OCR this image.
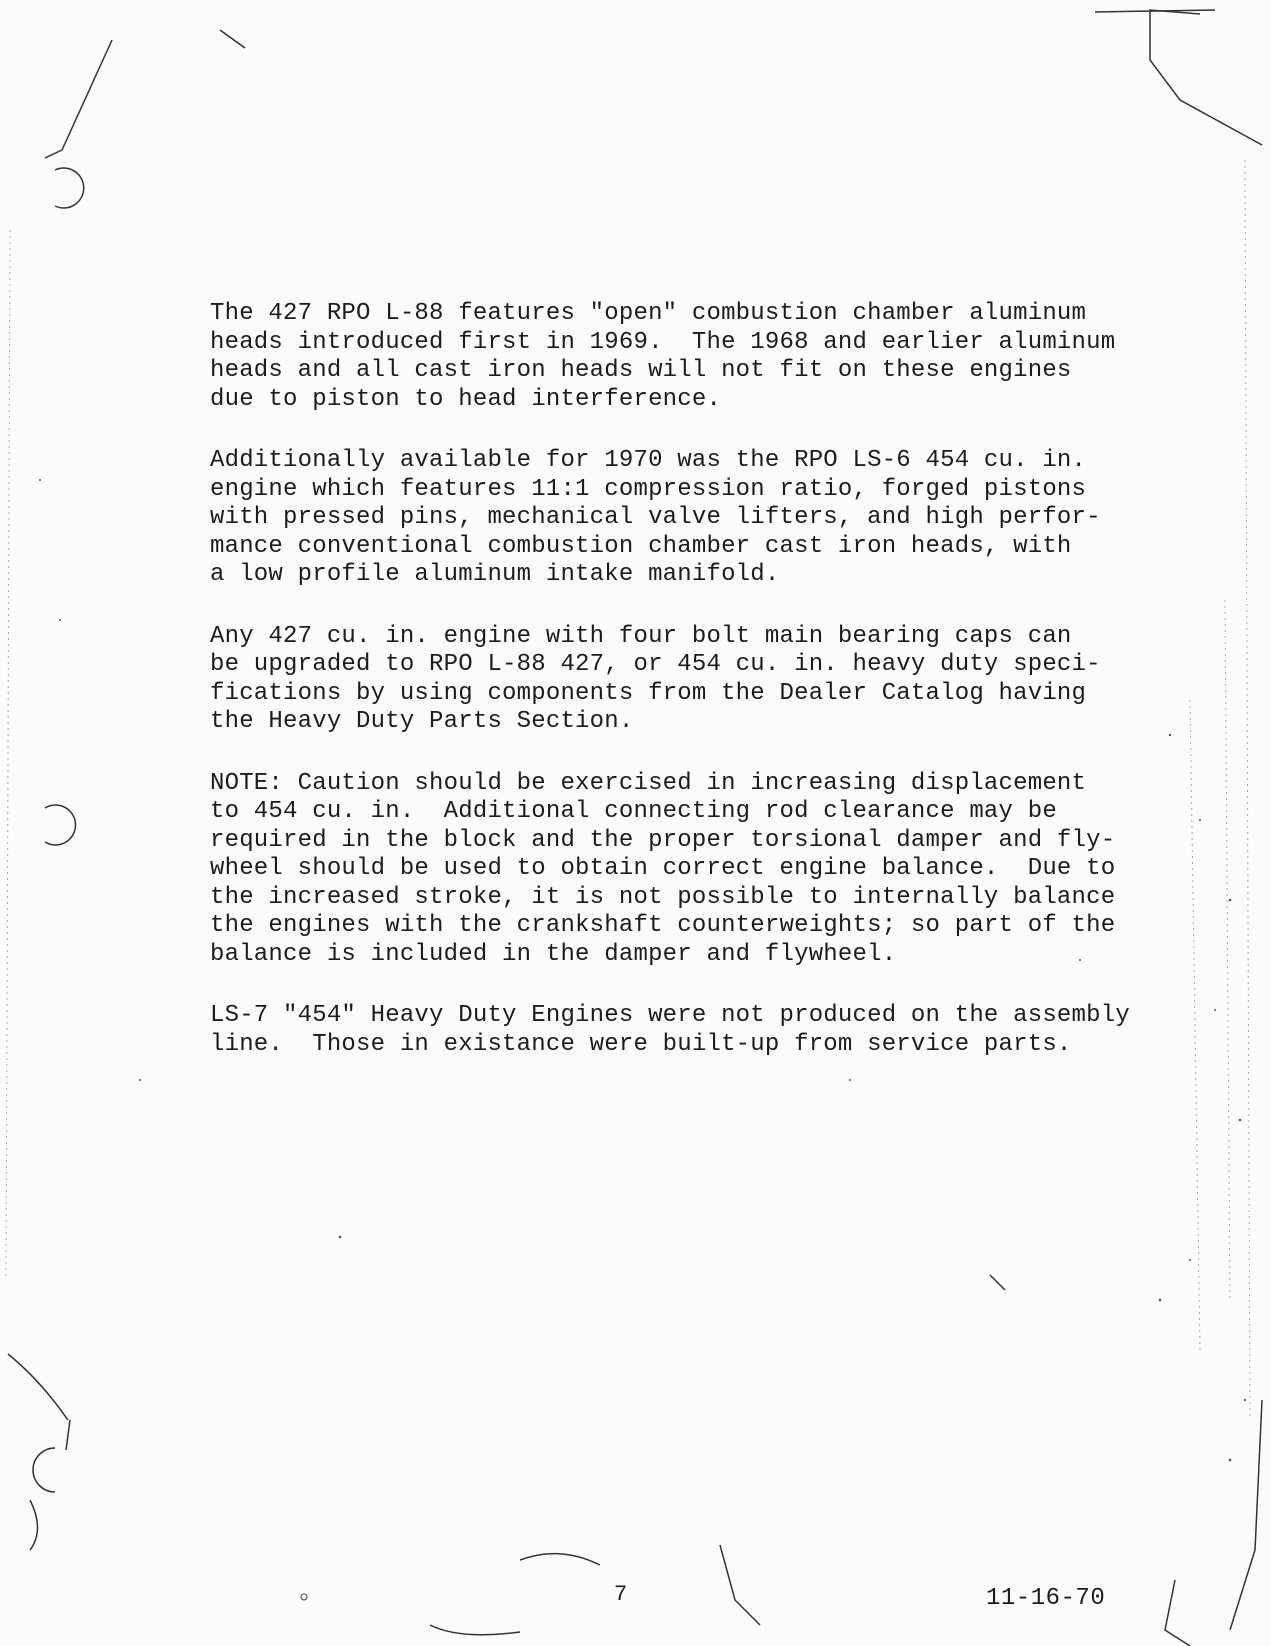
The 427 RPO L-88 features "open" combustion chamber aluminum
heads introduced first in 1969.  The 1968 and earlier aluminum
heads and all cast iron heads will not fit on these engines
due to piston to head interference.

Additionally available for 1970 was the RPO LS-6 454 cu. in.
engine which features 11:1 compression ratio, forged pistons
with pressed pins, mechanical valve lifters, and high perfor-
mance conventional combustion chamber cast iron heads, with
a low profile aluminum intake manifold.

Any 427 cu. in. engine with four bolt main bearing caps can
be upgraded to RPO L-88 427, or 454 cu. in. heavy duty speci-
fications by using components from the Dealer Catalog having
the Heavy Duty Parts Section.

NOTE: Caution should be exercised in increasing displacement
to 454 cu. in.  Additional connecting rod clearance may be
required in the block and the proper torsional damper and fly-
wheel should be used to obtain correct engine balance.  Due to
the increased stroke, it is not possible to internally balance
the engines with the crankshaft counterweights; so part of the
balance is included in the damper and flywheel.

LS-7 "454" Heavy Duty Engines were not produced on the assembly
line.  Those in existance were built-up from service parts.

7	11-16-70
